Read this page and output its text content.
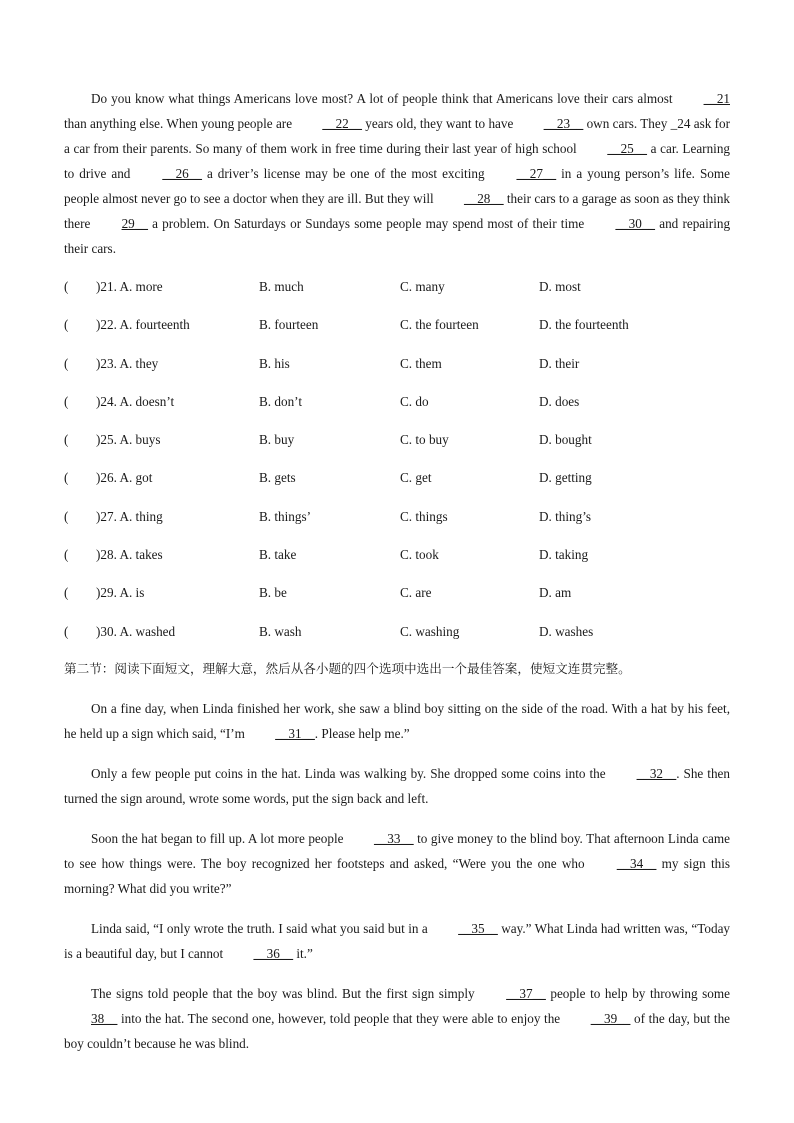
Do you know what things Americans love most? A lot of people think that Americans love their cars almost __21 than anything else. When young people are __22__ years old, they want to have __23__ own cars. They _24 ask for a car from their parents. So many of them work in free time during their last year of high school __25__ a car. Learning to drive and __26__ a driver’s license may be one of the most exciting __27__ in a young person’s life. Some people almost never go to see a doctor when they are ill. But they will __28__ their cars to a garage as soon as they think there 29__ a problem. On Saturdays or Sundays some people may spend most of their time __30__ and repairing their cars.

( )21. A. more	B. much	C. many	D. most
( )22. A. fourteenth	B. fourteen	C. the fourteen	D. the fourteenth
( )23. A. they	B. his	C. them	D. their
( )24. A. doesn’t	B. don’t	C. do	D. does
( )25. A. buys	B. buy	C. to buy	D. bought
( )26. A. got	B. gets	C. get	D. getting
( )27. A. thing	B. things’	C. things	D. thing’s
( )28. A. takes	B. take	C. took	D. taking
( )29. A. is	B. be	C. are	D. am
( )30. A. washed	B. wash	C. washing	D. washes

第二节：阅读下面短文，理解大意，然后从各小题的四个选项中选出一个最佳答案，使短文连贯完整。

On a fine day, when Linda finished her work, she saw a blind boy sitting on the side of the road. With a hat by his feet, he held up a sign which said, “I’m __31__. Please help me.”

Only a few people put coins in the hat. Linda was walking by. She dropped some coins into the __32__. She then turned the sign around, wrote some words, put the sign back and left.

Soon the hat began to fill up. A lot more people __33__ to give money to the blind boy. That afternoon Linda came to see how things were. The boy recognized her footsteps and asked, “Were you the one who __34__ my sign this morning? What did you write?”

Linda said, “I only wrote the truth. I said what you said but in a __35__ way.” What Linda had written was, “Today is a beautiful day, but I cannot __36__ it.”

The signs told people that the boy was blind. But the first sign simply __37__ people to help by throwing some 38__ into the hat. The second one, however, told people that they were able to enjoy the __39__ of the day, but the boy couldn’t because he was blind.
